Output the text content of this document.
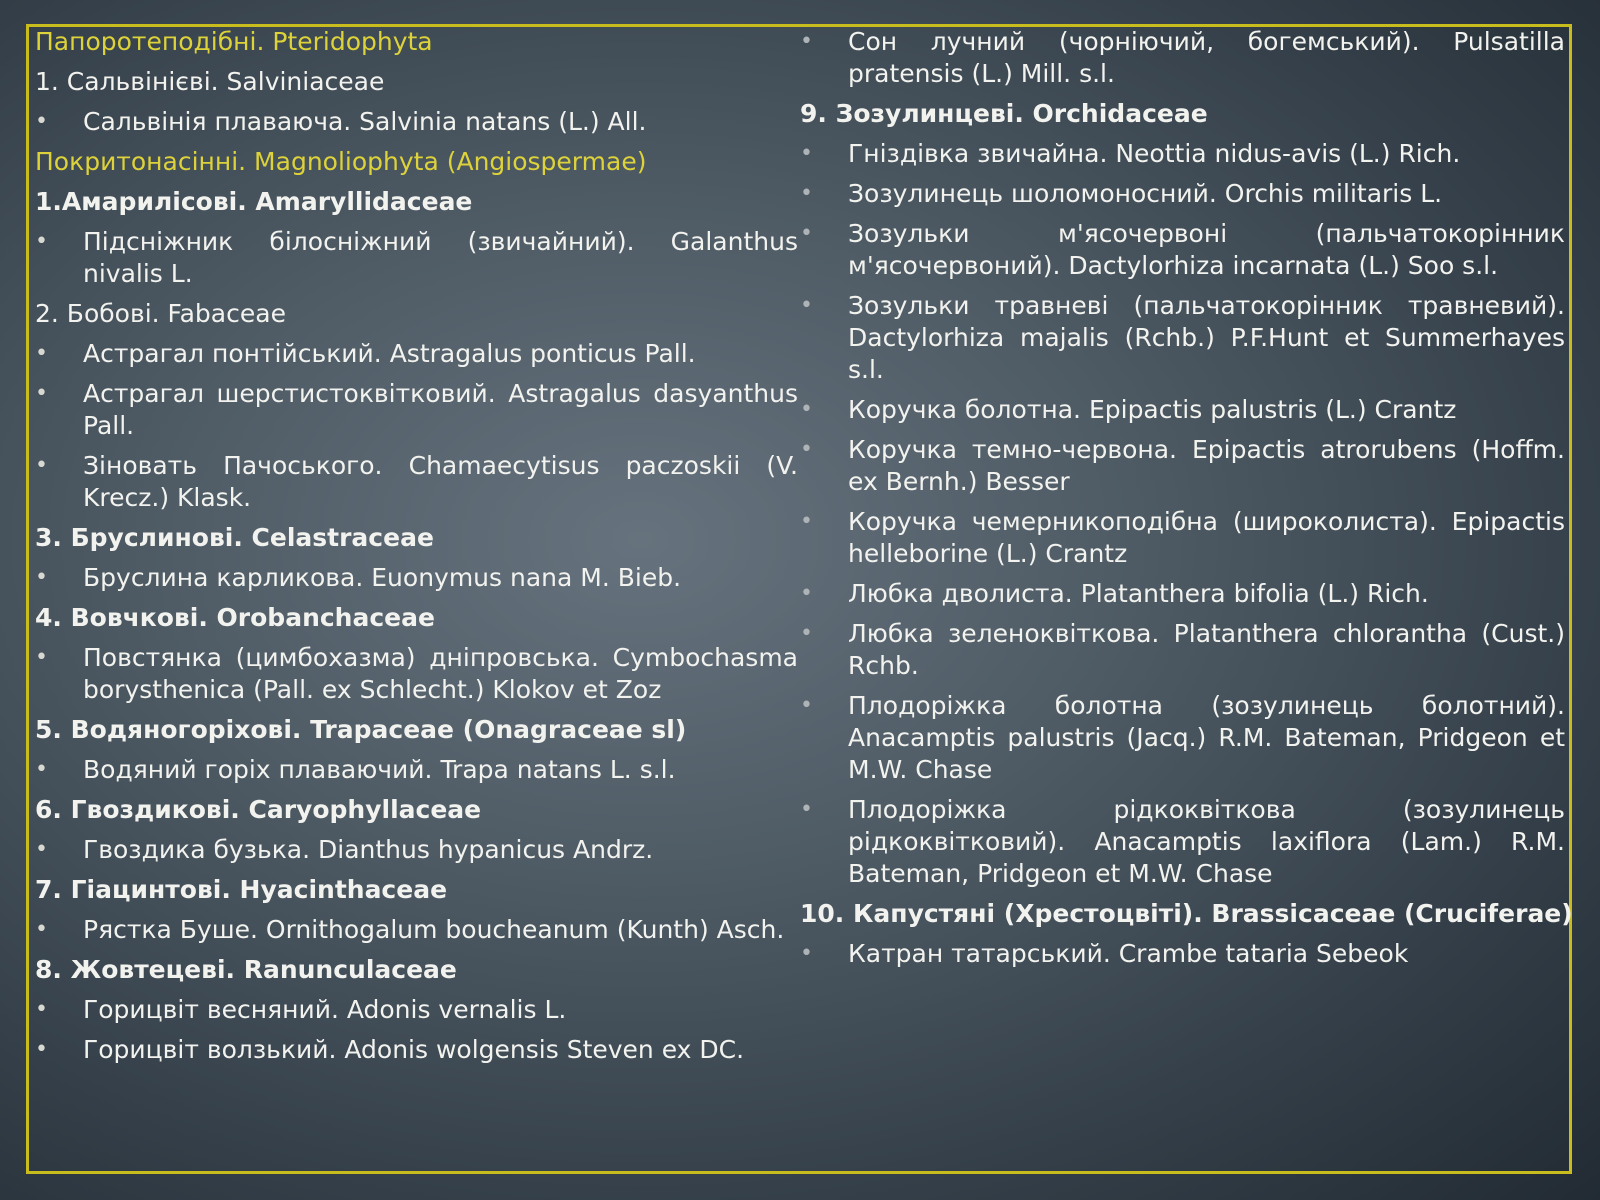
Папоротеподібні. Pteridophyta
1. Сальвінієві. Salviniaceae
• Сальвінія плаваюча. Salvinia natans (L.) All.
Покритонасінні. Magnoliophyta (Angiospermae)
1.Амарилісові. Amaryllidaceae
• Підсніжник білосніжний (звичайний). Galanthus nivalis L.
2. Бобові. Fabaceae
• Астрагал понтійський. Astragalus ponticus Pall.
• Астрагал шерстистоквітковий. Astragalus dasyanthus Pall.
• Зіновать Пачоського. Chamaecytisus paczoskii (V. Krecz.) Klask.
3. Бруслинові. Celastraceae
• Бруслина карликова. Euonymus nana M. Bieb.
4. Вовчкові. Orobanchaceae
• Повстянка (цимбохазма) дніпровська. Cymbochasma borysthenica (Pall. ex Schlecht.) Klokov et Zoz
5. Водяногоріхові. Trapaceae (Onagraceae sl)
• Водяний горіх плаваючий. Trapa natans L. s.l.
6. Гвоздикові. Caryophyllaceae
• Гвоздика бузька. Dianthus hypanicus Andrz.
7. Гіацинтові. Hyacinthaceae
• Рястка Буше. Ornithogalum boucheanum (Kunth) Asch.
8. Жовтецеві. Ranunculaceae
• Горицвіт весняний. Adonis vernalis L.
• Горицвіт волзький. Adonis wolgensis Steven ex DC.
• Сон лучний (чорніючий, богемський). Pulsatilla pratensis (L.) Mill. s.l.
9. Зозулинцеві. Orchidaceae
• Гніздівка звичайна. Neottia nidus-avis (L.) Rich.
• Зозулинець шоломоносний. Orchis militaris L.
• Зозульки м'ясочервоні (пальчатокорінник м'ясочервоний). Dactylorhiza incarnata (L.) Soo s.l.
• Зозульки травневі (пальчатокорінник травневий). Dactylorhiza majalis (Rchb.) P.F.Hunt et Summerhayes s.l.
• Коручка болотна. Epipactis palustris (L.) Crantz
• Коручка темно-червона. Epipactis atrorubens (Hoffm. ex Bernh.) Besser
• Коручка чемерникоподібна (широколиста). Epipactis helleborine (L.) Crantz
• Любка дволиста. Platanthera bifolia (L.) Rich.
• Любка зеленоквіткова. Platanthera chlorantha (Cust.) Rchb.
• Плодоріжка болотна (зозулинець болотний). Anacamptis palustris (Jacq.) R.M. Bateman, Pridgeon et M.W. Chase
• Плодоріжка рідкоквіткова (зозулинець рідкоквітковий). Anacamptis laxiflora (Lam.) R.M. Bateman, Pridgeon et M.W. Chase
10. Капустяні (Хрестоцвіті). Brassicaceae (Cruciferae)
• Катран татарський. Crambe tataria Sebeok
